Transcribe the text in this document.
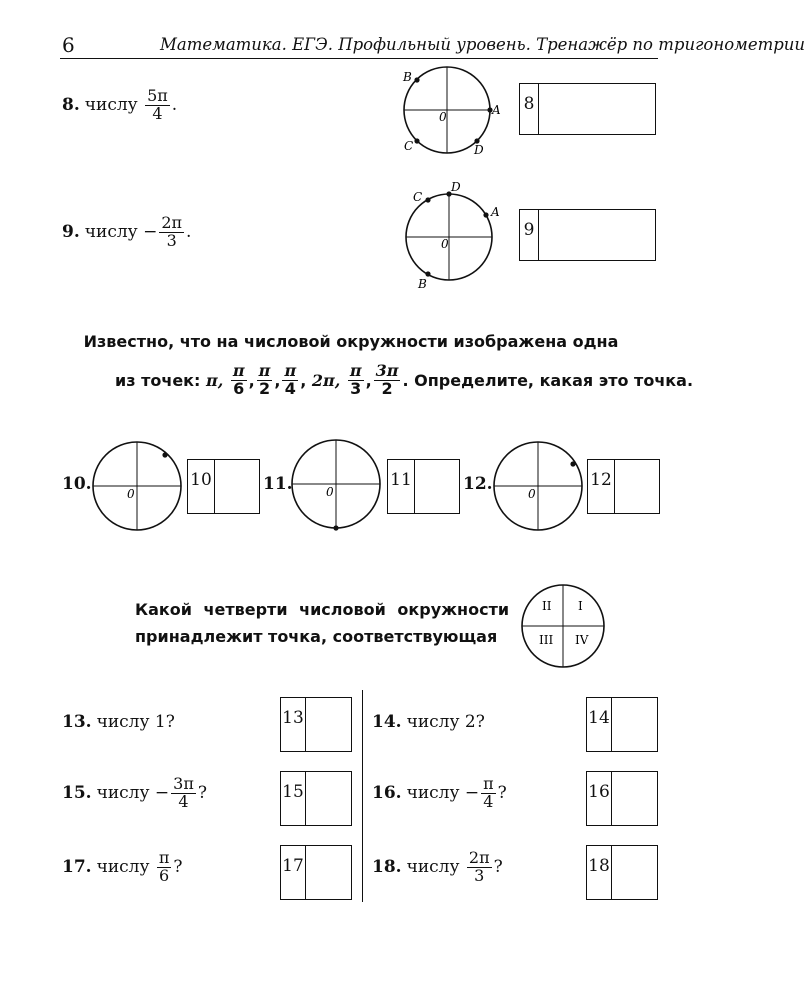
6	Математика. ЕГЭ. Профильный уровень. Тренажёр по тригонометрии
8. числу
$\frac{5\pi}{4}$ .
B
A
C	D
0
8
9. числу
− $\frac{2\pi}{3}$ .
C
D
A
B
0
9
Известно, что на числовой окружности изображена одна
из точек:
π,
$\frac{\pi}{6}$ , $\frac{\pi}{2}$ , $\frac{\pi}{4}$ ,
2π,
$\frac{\pi}{3}$ , $\frac{3\pi}{2}$ . Определите, какая это точка.
10.	0
10	11.	0
11	12.	0
12
Какой четверти числовой окружности
принадлежит точка, соответствующая
II I
III IV
13. числу 1?	13	14. числу 2?	14
15. числу
− $\frac{3\pi}{4}$ ?	15	16. числу
− $\frac{\pi}{4}$ ?	16
17. числу
$\frac{\pi}{6}$ ?	17	18. числу
$\frac{2\pi}{3}$ ?	18
